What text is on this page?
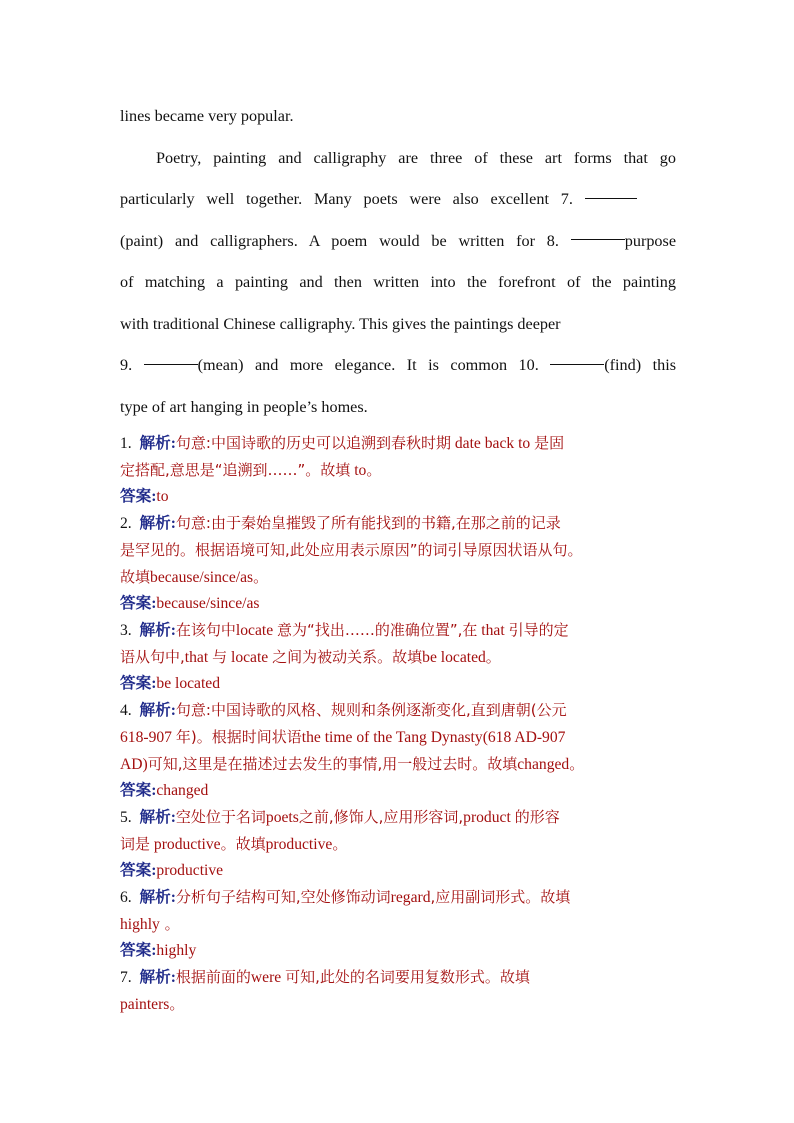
lines became very popular.

Poetry, painting and calligraphy are three of these art forms that go

particularly well together. Many poets were also excellent 7.

(paint) and calligraphers. A poem would be written for 8.	purpose

of matching a painting and then written into the forefront of the painting

with traditional Chinese calligraphy. This gives the paintings deeper

9.	(mean) and more elegance. It is common 10.	(find) this

type of art hanging in people’s homes.

1. 解析:句意:中国诗歌的历史可以追溯到春秋时期 date back to 是固

定搭配,意思是“追溯到……”。故填 to。

答案:to

2. 解析:句意:由于秦始皇摧毁了所有能找到的书籍,在那之前的记录

是罕见的。根据语境可知,此处应用表示原因”的词引导原因状语从句。

故填because/since/as。

答案:because/since/as

3. 解析:在该句中locate 意为“找出……的准确位置”,在 that 引导的定

语从句中,that 与 locate 之间为被动关系。故填be located。

答案:be located

4. 解析:句意:中国诗歌的风格、规则和条例逐渐变化,直到唐朝(公元

618-907 年)。根据时间状语the time of the Tang Dynasty(618 AD-907

AD)可知,这里是在描述过去发生的事情,用一般过去时。故填changed。

答案:changed

5. 解析:空处位于名词poets之前,修饰人,应用形容词,product 的形容

词是 productive。故填productive。

答案:productive

6. 解析:分析句子结构可知,空处修饰动词regard,应用副词形式。故填

highly 。

答案:highly

7. 解析:根据前面的were 可知,此处的名词要用复数形式。故填

painters。
